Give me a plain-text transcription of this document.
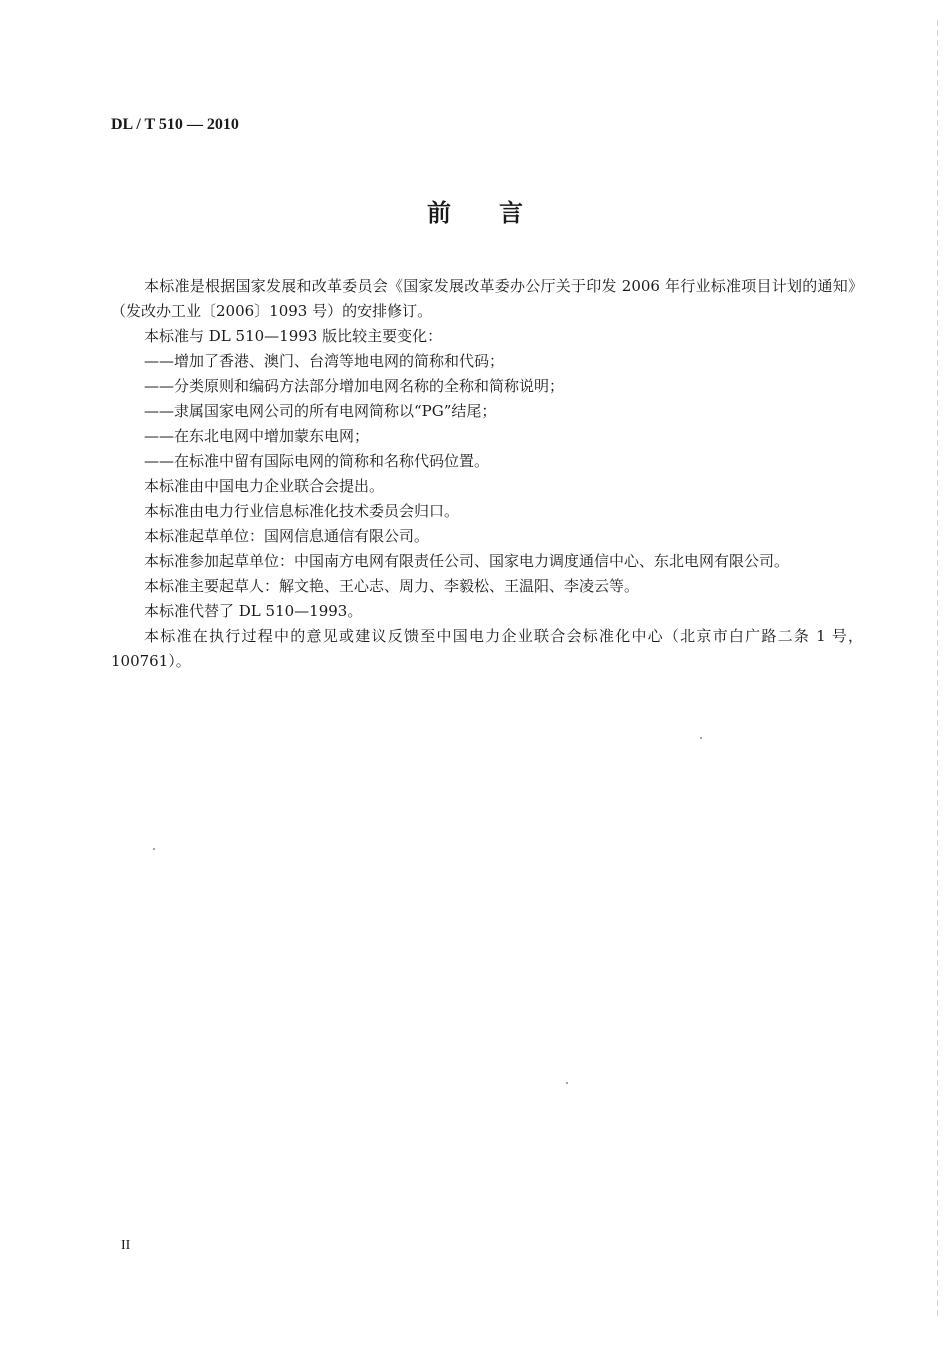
DL / T 510 — 2010
前言

本标准是根据国家发展和改革委员会《国家发展改革委办公厅关于印发 2006 年行业标准项目计划的通知》（发改办工业〔2006〕1093 号）的安排修订。

本标准与 DL 510—1993 版比较主要变化：

——增加了香港、澳门、台湾等地电网的简称和代码；

——分类原则和编码方法部分增加电网名称的全称和简称说明；

——隶属国家电网公司的所有电网简称以“PG”结尾；

——在东北电网中增加蒙东电网；

——在标准中留有国际电网的简称和名称代码位置。

本标准由中国电力企业联合会提出。

本标准由电力行业信息标准化技术委员会归口。

本标准起草单位：国网信息通信有限公司。

本标准参加起草单位：中国南方电网有限责任公司、国家电力调度通信中心、东北电网有限公司。

本标准主要起草人：解文艳、王心志、周力、李毅松、王温阳、李凌云等。

本标准代替了 DL 510—1993。

本标准在执行过程中的意见或建议反馈至中国电力企业联合会标准化中心（北京市白广路二条 1 号，100761）。

II
